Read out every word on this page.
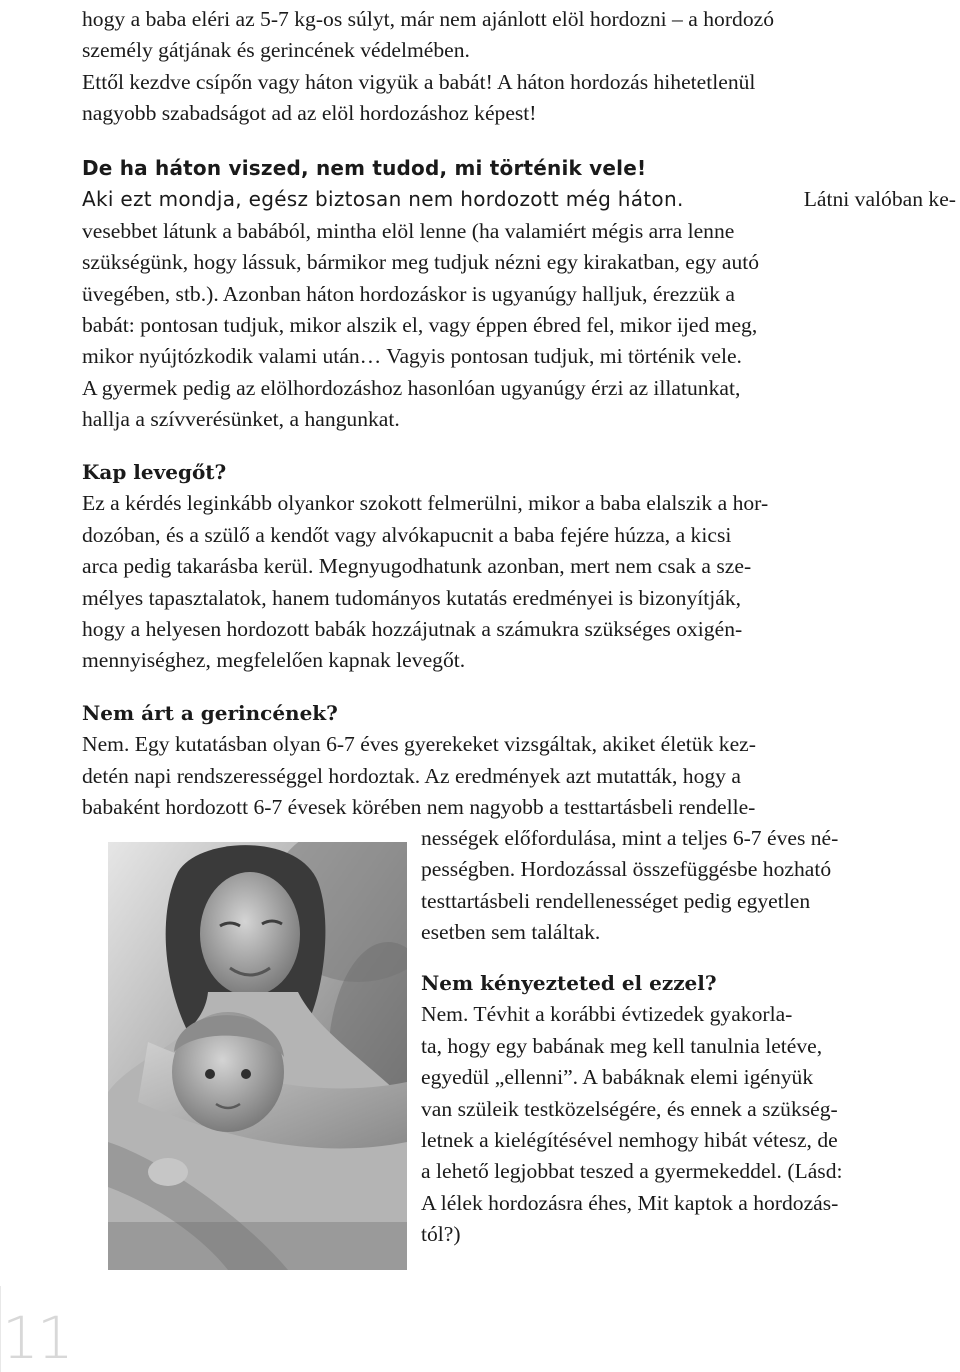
hogy a baba eléri az 5-7 kg-os súlyt, már nem ajánlott elöl hordozni – a hordozó

személy gátjának és gerincének védelmében.

Ettől kezdve csípőn vagy háton vigyük a babát! A háton hordozás hihetetlenül

nagyobb szabadságot ad az elöl hordozáshoz képest!

De ha háton viszed, nem tudod, mi történik vele!

Aki ezt mondja, egész biztosan nem hordozott még háton.	Látni valóban ke-

vesebbet látunk a babából, mintha elöl lenne (ha valamiért mégis arra lenne

szükségünk, hogy lássuk, bármikor meg tudjuk nézni egy kirakatban, egy autó

üvegében, stb.). Azonban háton hordozáskor is ugyanúgy halljuk, érezzük a

babát: pontosan tudjuk, mikor alszik el, vagy éppen ébred fel, mikor ijed meg,

mikor nyújtózkodik valami után… Vagyis pontosan tudjuk, mi történik vele.

A gyermek pedig az elölhordozáshoz hasonlóan ugyanúgy érzi az illatunkat,

hallja a szívverésünket, a hangunkat.

Kap levegőt?

Ez a kérdés leginkább olyankor szokott felmerülni, mikor a baba elalszik a hor-

dozóban, és a szülő a kendőt vagy alvókapucnit a baba fejére húzza, a kicsi

arca pedig takarásba kerül. Megnyugodhatunk azonban, mert nem csak a sze-

mélyes tapasztalatok, hanem tudományos kutatás eredményei is bizonyítják,

hogy a helyesen hordozott babák hozzájutnak a számukra szükséges oxigén-

mennyiséghez, megfelelően kapnak levegőt.

Nem árt a gerincének?

Nem. Egy kutatásban olyan 6-7 éves gyerekeket vizsgáltak, akiket életük kez-

detén napi rendszerességgel hordoztak. Az eredmények azt mutatták, hogy a

babaként hordozott 6-7 évesek körében nem nagyobb a testtartásbeli rendelle-

nességek előfordulása, mint a teljes 6-7 éves né-

pességben. Hordozással összefüggésbe hozható

testtartásbeli rendellenességet pedig egyetlen

esetben sem találtak.

Nem kényezteted el ezzel?

Nem. Tévhit a korábbi évtizedek gyakorla-

ta, hogy egy babának meg kell tanulnia letéve,

egyedül „ellenni”. A babáknak elemi igényük

van szüleik testközelségére, és ennek a szükség-

letnek a kielégítésével nemhogy hibát vétesz, de

a lehető legjobbat teszed a gyermekeddel. (Lásd:

A lélek hordozásra éhes, Mit kaptok a hordozás-

tól?)

11
